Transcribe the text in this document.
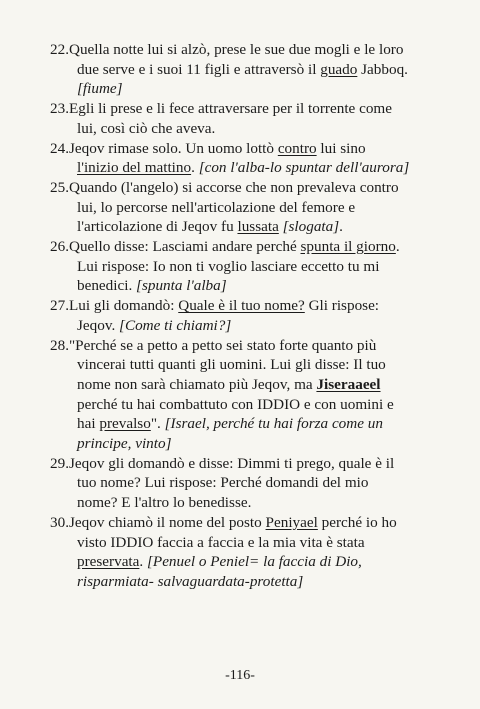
22.Quella notte lui si alzò, prese le sue due mogli e le loro due serve e i suoi 11 figli e attraversò il guado Jabboq. [fiume]
23.Egli li prese e li fece attraversare per il torrente come lui, così ciò che aveva.
24.Jeqov rimase solo. Un uomo lottò contro lui sino l'inizio del mattino. [con l'alba-lo spuntar dell'aurora]
25.Quando (l'angelo) si accorse che non prevaleva contro lui, lo percorse nell'articolazione del femore e l'articolazione di Jeqov fu lussata [slogata].
26.Quello disse: Lasciami andare perché spunta il giorno. Lui rispose: Io non ti voglio lasciare eccetto tu mi benedici. [spunta l'alba]
27.Lui gli domandò: Quale è il tuo nome? Gli rispose: Jeqov. [Come ti chiami?]
28."Perché se a petto a petto sei stato forte quanto più vincerai tutti quanti gli uomini. Lui gli disse: Il tuo nome non sarà chiamato più Jeqov, ma Jiseraaeel perché tu hai combattuto con IDDIO e con uomini e hai prevalso". [Israel, perché tu hai forza come un principe, vinto]
29.Jeqov gli domandò e disse: Dimmi ti prego, quale è il tuo nome? Lui rispose: Perché domandi del mio nome? E l'altro lo benedisse.
30.Jeqov chiamò il nome del posto Peniyael perché io ho visto IDDIO faccia a faccia e la mia vita è stata preservata. [Penuel o Peniel= la faccia di Dio, risparmiata- salvaguardata-protetta]
-116-
